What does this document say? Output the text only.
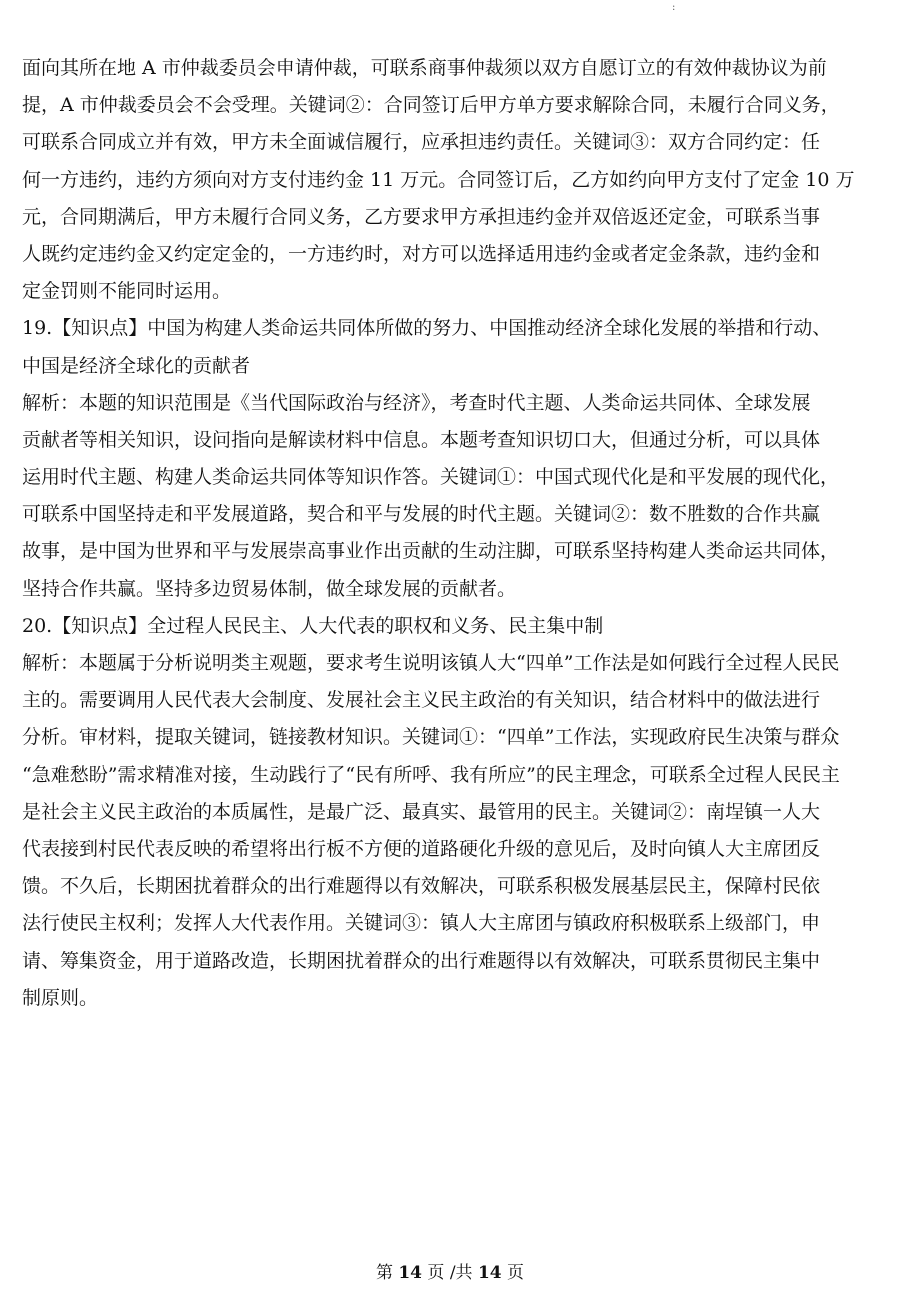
:
面向其所在地 A 市仲裁委员会申请仲裁，可联系商事仲裁须以双方自愿订立的有效仲裁协议为前
提，A 市仲裁委员会不会受理。关键词②：合同签订后甲方单方要求解除合同，未履行合同义务，
可联系合同成立并有效，甲方未全面诚信履行，应承担违约责任。关键词③：双方合同约定：任
何一方违约，违约方须向对方支付违约金 11 万元。合同签订后，乙方如约向甲方支付了定金 10 万
元，合同期满后，甲方未履行合同义务，乙方要求甲方承担违约金并双倍返还定金，可联系当事
人既约定违约金又约定定金的，一方违约时，对方可以选择适用违约金或者定金条款，违约金和
定金罚则不能同时运用。
19.【知识点】中国为构建人类命运共同体所做的努力、中国推动经济全球化发展的举措和行动、
中国是经济全球化的贡献者
解析：本题的知识范围是《当代国际政治与经济》，考查时代主题、人类命运共同体、全球发展
贡献者等相关知识，设问指向是解读材料中信息。本题考查知识切口大，但通过分析，可以具体
运用时代主题、构建人类命运共同体等知识作答。关键词①：中国式现代化是和平发展的现代化，
可联系中国坚持走和平发展道路，契合和平与发展的时代主题。关键词②：数不胜数的合作共赢
故事，是中国为世界和平与发展崇高事业作出贡献的生动注脚，可联系坚持构建人类命运共同体，
坚持合作共赢。坚持多边贸易体制，做全球发展的贡献者。
20.【知识点】全过程人民民主、人大代表的职权和义务、民主集中制
解析：本题属于分析说明类主观题，要求考生说明该镇人大“四单”工作法是如何践行全过程人民民
主的。需要调用人民代表大会制度、发展社会主义民主政治的有关知识，结合材料中的做法进行
分析。审材料，提取关键词，链接教材知识。关键词①：“四单”工作法，实现政府民生决策与群众
“急难愁盼”需求精准对接，生动践行了“民有所呼、我有所应”的民主理念，可联系全过程人民民主
是社会主义民主政治的本质属性，是最广泛、最真实、最管用的民主。关键词②：南埕镇一人大
代表接到村民代表反映的希望将出行板不方便的道路硬化升级的意见后，及时向镇人大主席团反
馈。不久后，长期困扰着群众的出行难题得以有效解决，可联系积极发展基层民主，保障村民依
法行使民主权利；发挥人大代表作用。关键词③：镇人大主席团与镇政府积极联系上级部门，申
请、筹集资金，用于道路改造，长期困扰着群众的出行难题得以有效解决，可联系贯彻民主集中
制原则。
第 14 页 /共 14 页
